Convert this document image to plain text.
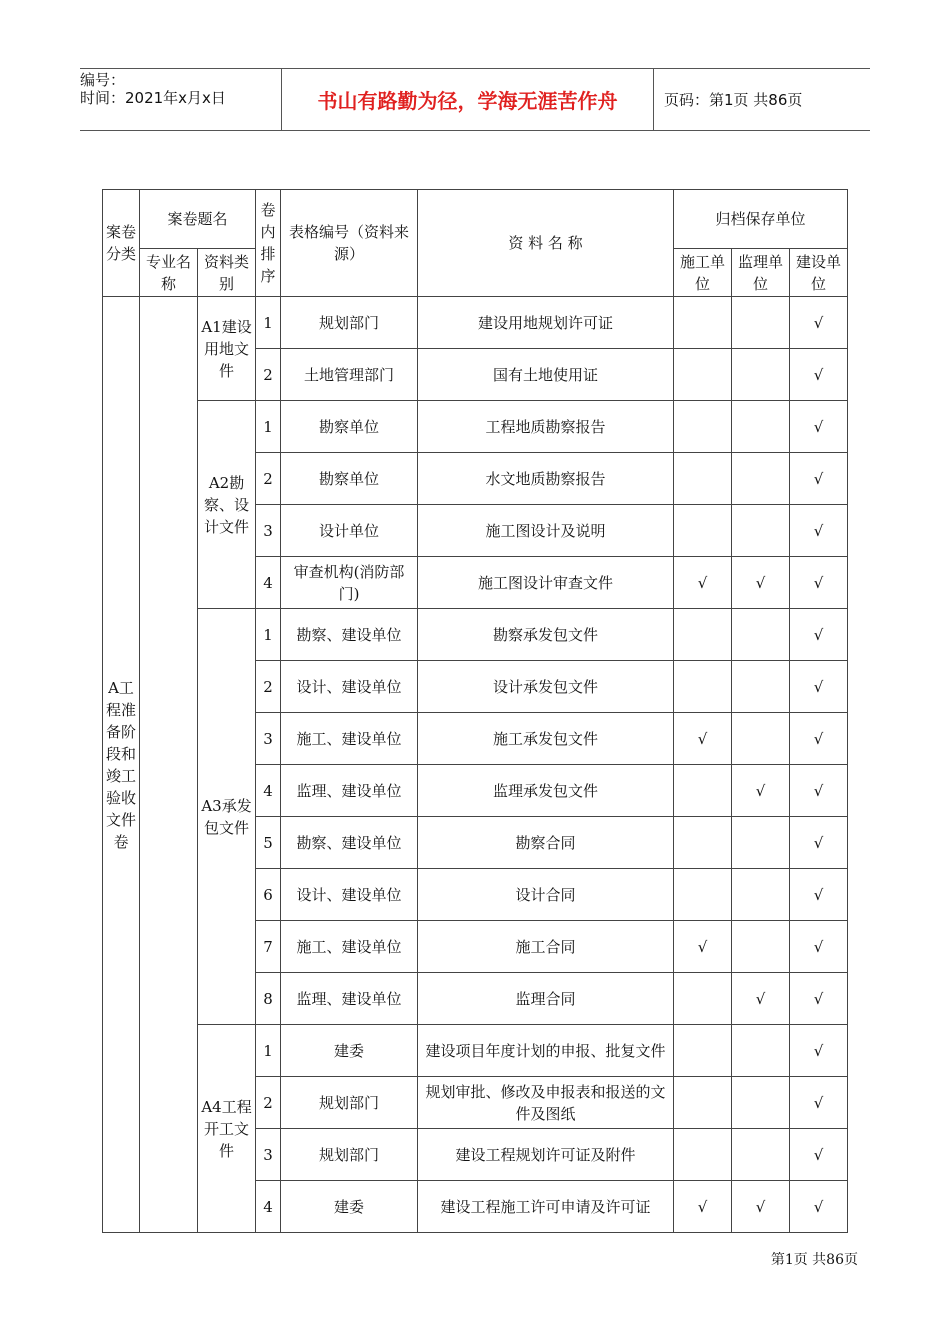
编号：
时间：2021年x月x日	书山有路勤为径，学海无涯苦作舟	页码：第1页 共86页
案卷分类	案卷题名		卷内排序	表格编号（资料来源）	资 料 名 称	归档保存单位		
	专业名称	资料类别				施工单位	监理单位	建设单位
A工程准备阶段和竣工验收文件卷		A1建设用地文件	1	规划部门	建设用地规划许可证			√
			2	土地管理部门	国有土地使用证			√
		A2勘察、设计文件	1	勘察单位	工程地质勘察报告			√
			2	勘察单位	水文地质勘察报告			√
			3	设计单位	施工图设计及说明			√
			4	审查机构(消防部门)	施工图设计审查文件	√	√	√
		A3承发包文件	1	勘察、建设单位	勘察承发包文件			√
			2	设计、建设单位	设计承发包文件			√
			3	施工、建设单位	施工承发包文件	√		√
			4	监理、建设单位	监理承发包文件		√	√
			5	勘察、建设单位	勘察合同			√
			6	设计、建设单位	设计合同			√
			7	施工、建设单位	施工合同	√		√
			8	监理、建设单位	监理合同		√	√
		A4工程开工文件	1	建委	建设项目年度计划的申报、批复文件			√
			2	规划部门	规划审批、修改及申报表和报送的文件及图纸			√
			3	规划部门	建设工程规划许可证及附件			√
			4	建委	建设工程施工许可申请及许可证	√	√	√
第1页 共86页
